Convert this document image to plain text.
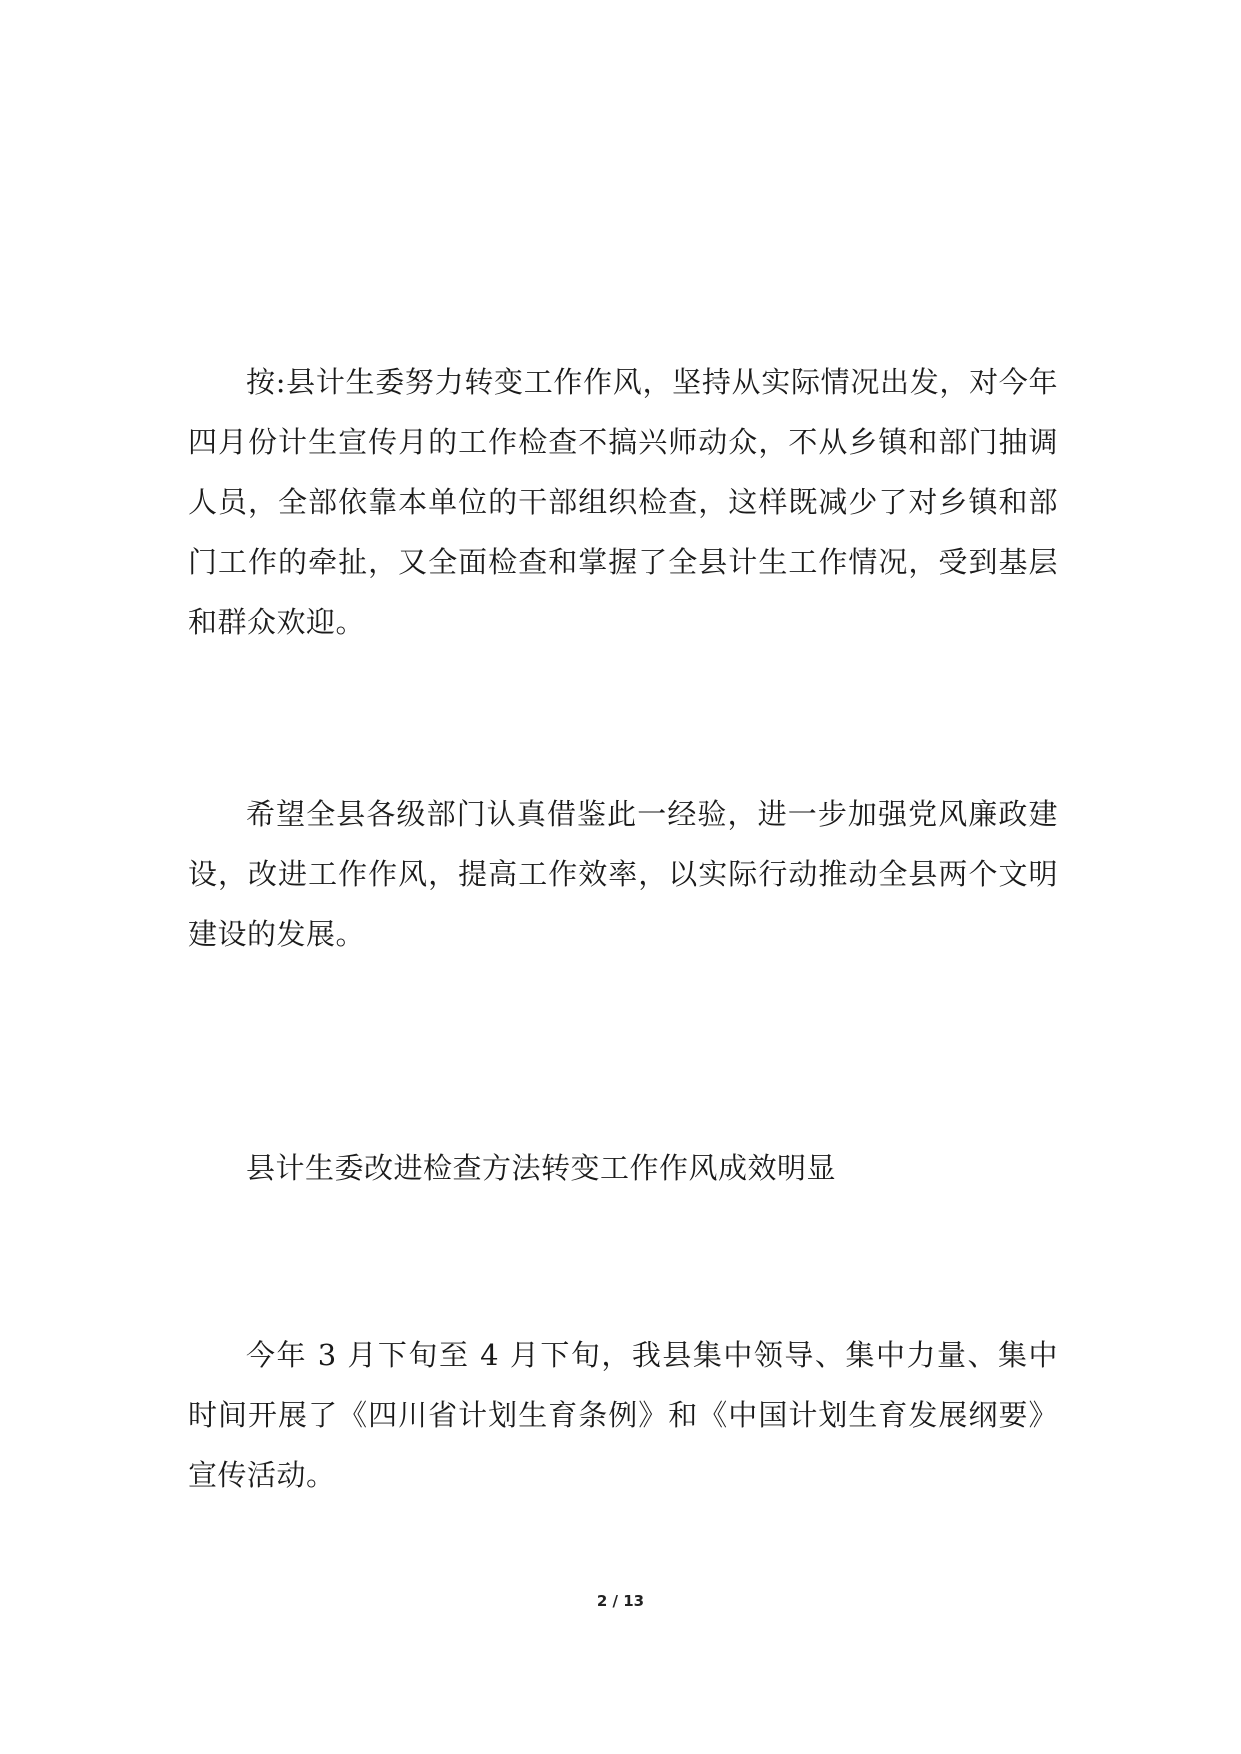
按:县计生委努力转变工作作风，坚持从实际情况出发，对今年四月份计生宣传月的工作检查不搞兴师动众，不从乡镇和部门抽调人员，全部依靠本单位的干部组织检查，这样既减少了对乡镇和部门工作的牵扯，又全面检查和掌握了全县计生工作情况，受到基层和群众欢迎。

希望全县各级部门认真借鉴此一经验，进一步加强党风廉政建设，改进工作作风，提高工作效率，以实际行动推动全县两个文明建设的发展。

县计生委改进检查方法转变工作作风成效明显

今年 3 月下旬至 4 月下旬，我县集中领导、集中力量、集中时间开展了《四川省计划生育条例》和《中国计划生育发展纲要》宣传活动。

2 / 13
